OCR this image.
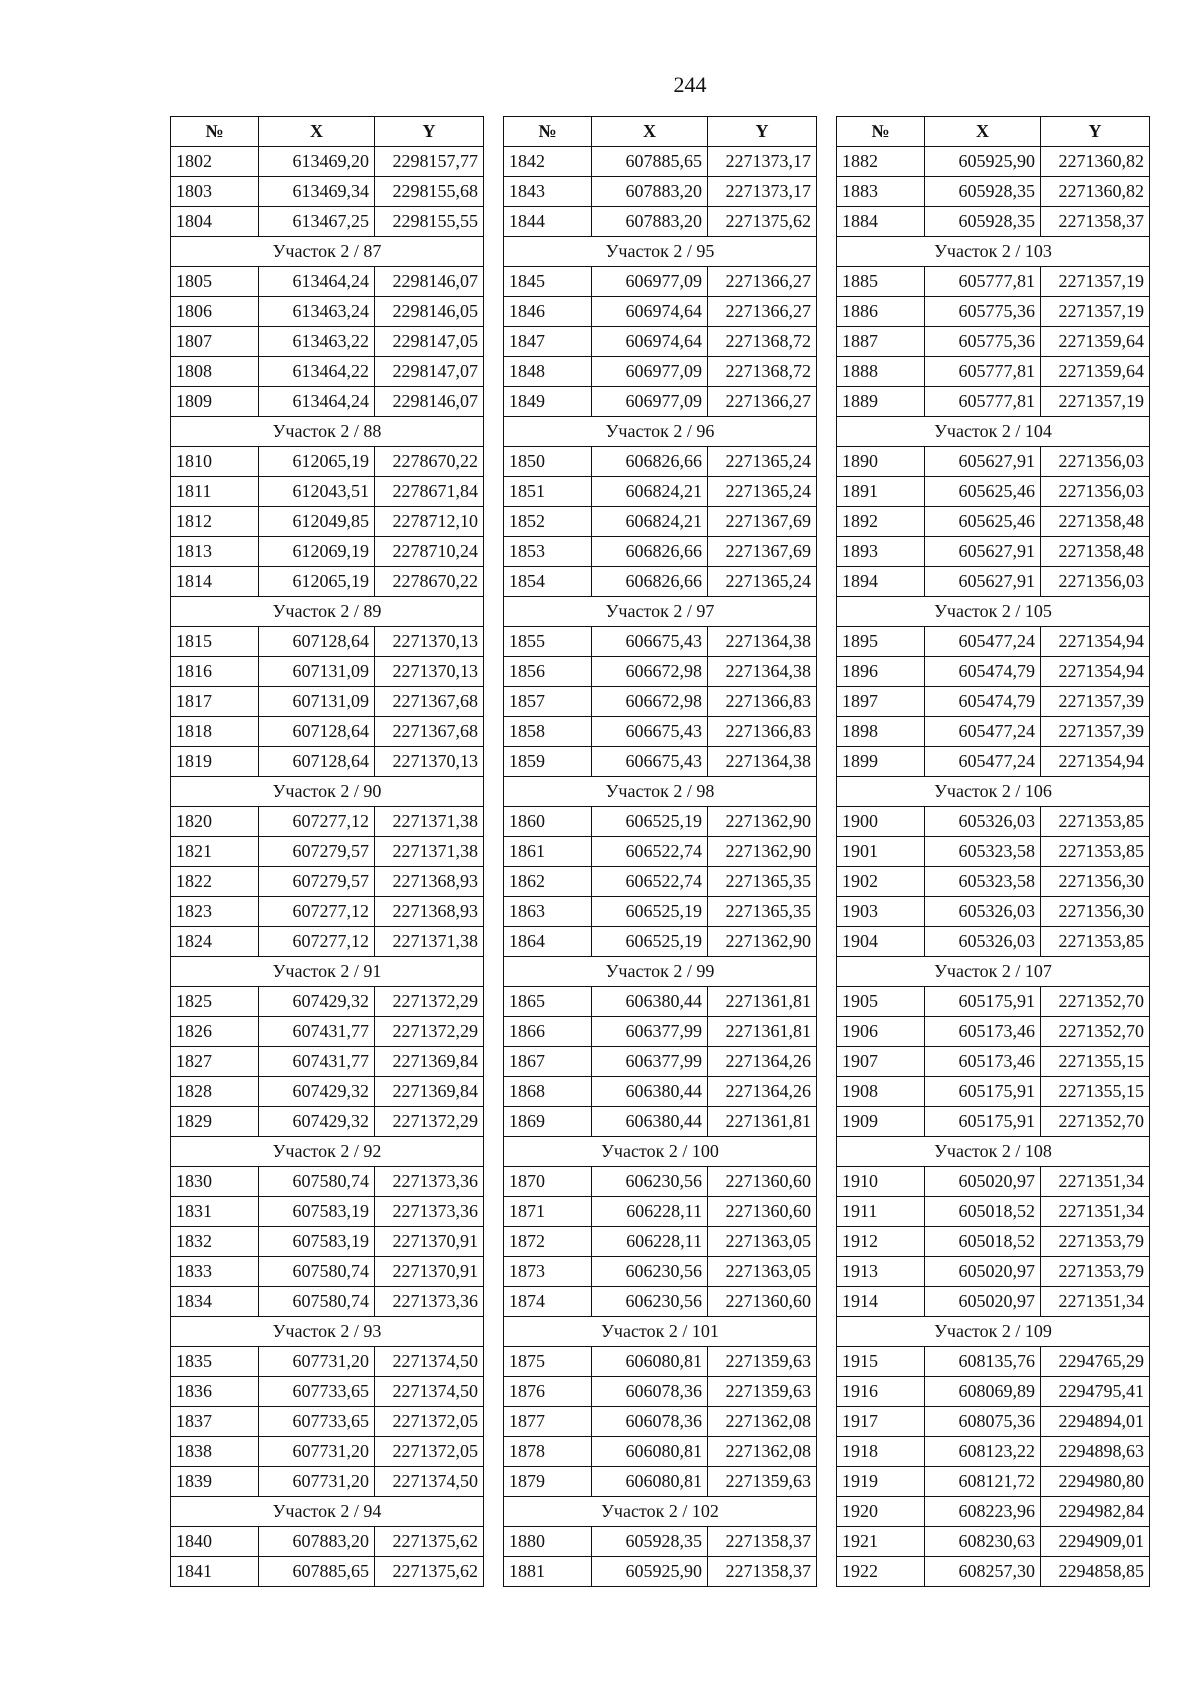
244
№	X	Y
1802	613469,20	2298157,77
1803	613469,34	2298155,68
1804	613467,25	2298155,55
Участок 2 / 87		
1805	613464,24	2298146,07
1806	613463,24	2298146,05
1807	613463,22	2298147,05
1808	613464,22	2298147,07
1809	613464,24	2298146,07
Участок 2 / 88		
1810	612065,19	2278670,22
1811	612043,51	2278671,84
1812	612049,85	2278712,10
1813	612069,19	2278710,24
1814	612065,19	2278670,22
Участок 2 / 89		
1815	607128,64	2271370,13
1816	607131,09	2271370,13
1817	607131,09	2271367,68
1818	607128,64	2271367,68
1819	607128,64	2271370,13
Участок 2 / 90		
1820	607277,12	2271371,38
1821	607279,57	2271371,38
1822	607279,57	2271368,93
1823	607277,12	2271368,93
1824	607277,12	2271371,38
Участок 2 / 91		
1825	607429,32	2271372,29
1826	607431,77	2271372,29
1827	607431,77	2271369,84
1828	607429,32	2271369,84
1829	607429,32	2271372,29
Участок 2 / 92		
1830	607580,74	2271373,36
1831	607583,19	2271373,36
1832	607583,19	2271370,91
1833	607580,74	2271370,91
1834	607580,74	2271373,36
Участок 2 / 93		
1835	607731,20	2271374,50
1836	607733,65	2271374,50
1837	607733,65	2271372,05
1838	607731,20	2271372,05
1839	607731,20	2271374,50
Участок 2 / 94		
1840	607883,20	2271375,62
1841	607885,65	2271375,62
№	X	Y
1842	607885,65	2271373,17
1843	607883,20	2271373,17
1844	607883,20	2271375,62
Участок 2 / 95		
1845	606977,09	2271366,27
1846	606974,64	2271366,27
1847	606974,64	2271368,72
1848	606977,09	2271368,72
1849	606977,09	2271366,27
Участок 2 / 96		
1850	606826,66	2271365,24
1851	606824,21	2271365,24
1852	606824,21	2271367,69
1853	606826,66	2271367,69
1854	606826,66	2271365,24
Участок 2 / 97		
1855	606675,43	2271364,38
1856	606672,98	2271364,38
1857	606672,98	2271366,83
1858	606675,43	2271366,83
1859	606675,43	2271364,38
Участок 2 / 98		
1860	606525,19	2271362,90
1861	606522,74	2271362,90
1862	606522,74	2271365,35
1863	606525,19	2271365,35
1864	606525,19	2271362,90
Участок 2 / 99		
1865	606380,44	2271361,81
1866	606377,99	2271361,81
1867	606377,99	2271364,26
1868	606380,44	2271364,26
1869	606380,44	2271361,81
Участок 2 / 100		
1870	606230,56	2271360,60
1871	606228,11	2271360,60
1872	606228,11	2271363,05
1873	606230,56	2271363,05
1874	606230,56	2271360,60
Участок 2 / 101		
1875	606080,81	2271359,63
1876	606078,36	2271359,63
1877	606078,36	2271362,08
1878	606080,81	2271362,08
1879	606080,81	2271359,63
Участок 2 / 102		
1880	605928,35	2271358,37
1881	605925,90	2271358,37
№	X	Y
1882	605925,90	2271360,82
1883	605928,35	2271360,82
1884	605928,35	2271358,37
Участок 2 / 103		
1885	605777,81	2271357,19
1886	605775,36	2271357,19
1887	605775,36	2271359,64
1888	605777,81	2271359,64
1889	605777,81	2271357,19
Участок 2 / 104		
1890	605627,91	2271356,03
1891	605625,46	2271356,03
1892	605625,46	2271358,48
1893	605627,91	2271358,48
1894	605627,91	2271356,03
Участок 2 / 105		
1895	605477,24	2271354,94
1896	605474,79	2271354,94
1897	605474,79	2271357,39
1898	605477,24	2271357,39
1899	605477,24	2271354,94
Участок 2 / 106		
1900	605326,03	2271353,85
1901	605323,58	2271353,85
1902	605323,58	2271356,30
1903	605326,03	2271356,30
1904	605326,03	2271353,85
Участок 2 / 107		
1905	605175,91	2271352,70
1906	605173,46	2271352,70
1907	605173,46	2271355,15
1908	605175,91	2271355,15
1909	605175,91	2271352,70
Участок 2 / 108		
1910	605020,97	2271351,34
1911	605018,52	2271351,34
1912	605018,52	2271353,79
1913	605020,97	2271353,79
1914	605020,97	2271351,34
Участок 2 / 109		
1915	608135,76	2294765,29
1916	608069,89	2294795,41
1917	608075,36	2294894,01
1918	608123,22	2294898,63
1919	608121,72	2294980,80
1920	608223,96	2294982,84
1921	608230,63	2294909,01
1922	608257,30	2294858,85
